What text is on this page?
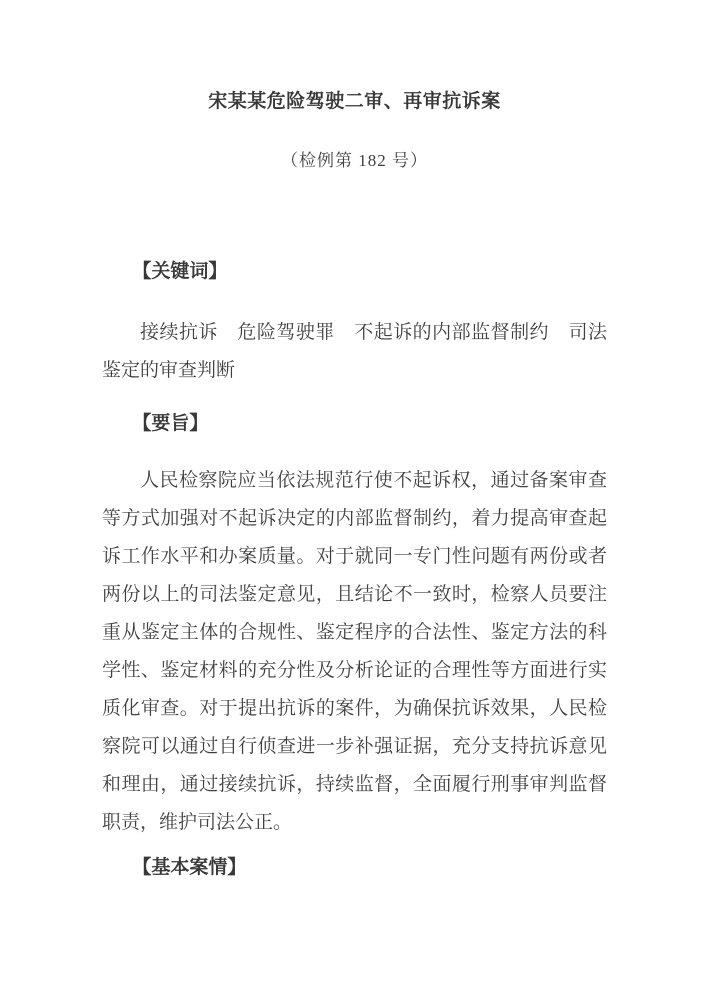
宋某某危险驾驶二审、再审抗诉案
（检例第 182 号）
【关键词】
接续抗诉　危险驾驶罪　不起诉的内部监督制约　司法鉴定的审查判断
【要旨】
人民检察院应当依法规范行使不起诉权，通过备案审查等方式加强对不起诉决定的内部监督制约，着力提高审查起诉工作水平和办案质量。对于就同一专门性问题有两份或者两份以上的司法鉴定意见，且结论不一致时，检察人员要注重从鉴定主体的合规性、鉴定程序的合法性、鉴定方法的科学性、鉴定材料的充分性及分析论证的合理性等方面进行实质化审查。对于提出抗诉的案件，为确保抗诉效果，人民检察院可以通过自行侦查进一步补强证据，充分支持抗诉意见和理由，通过接续抗诉，持续监督，全面履行刑事审判监督职责，维护司法公正。
【基本案情】
